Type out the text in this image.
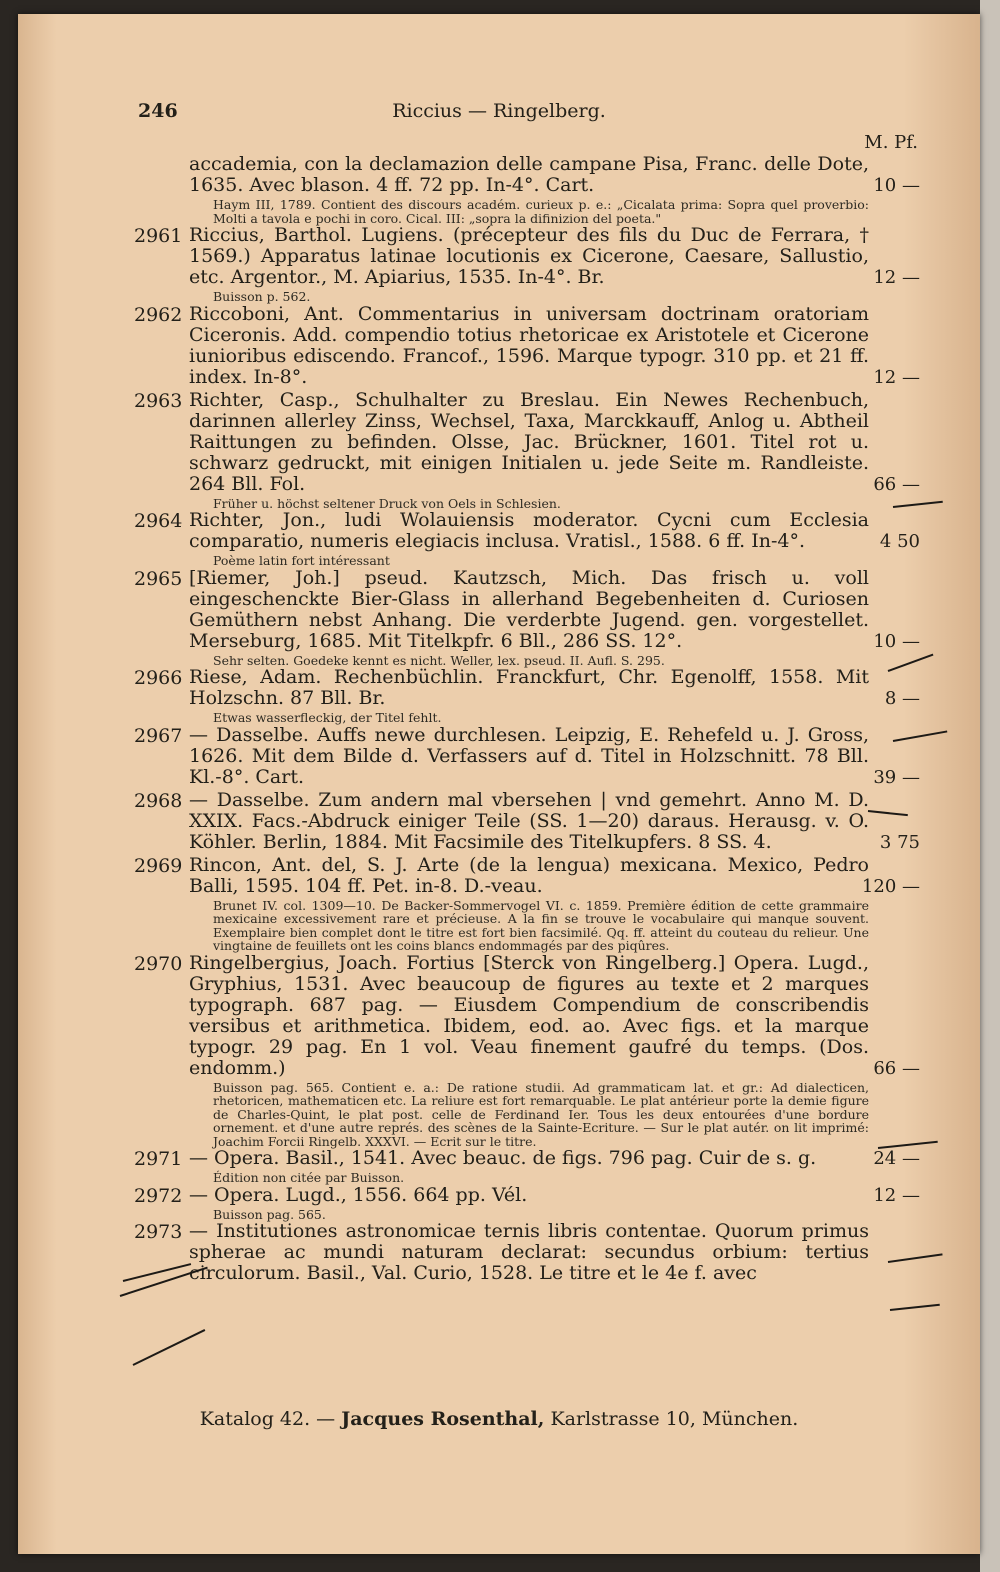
246	Riccius — Ringelberg.
M. Pf.
accademia, con la declamazion delle campane Pisa, Franc. delle Dote, 1635. Avec blason. 4 ff. 72 pp. In-4°. Cart.	10 —
Haym III, 1789. Contient des discours académ. curieux p. e.: „Cicalata prima: Sopra quel proverbio: Molti a tavola e pochi in coro. Cical. III: „sopra la difinizion del poeta."
2961 Riccius, Barthol. Lugiens. (précepteur des fils du Duc de Ferrara, † 1569.) Apparatus latinae locutionis ex Cicerone, Caesare, Sallustio, etc. Argentor., M. Apiarius, 1535. In-4°. Br.	12 —
Buisson p. 562.
2962 Riccoboni, Ant. Commentarius in universam doctrinam oratoriam Ciceronis. Add. compendio totius rhetoricae ex Aristotele et Cicerone iunioribus ediscendo. Francof., 1596. Marque typogr. 310 pp. et 21 ff. index. In-8°.	12 —
2963 Richter, Casp., Schulhalter zu Breslau. Ein Newes Rechenbuch, darinnen allerley Zinss, Wechsel, Taxa, Marckkauff, Anlog u. Abtheil Raittungen zu befinden. Olsse, Jac. Brückner, 1601. Titel rot u. schwarz gedruckt, mit einigen Initialen u. jede Seite m. Randleiste. 264 Bll. Fol.	66 —
Früher u. höchst seltener Druck von Oels in Schlesien.
2964 Richter, Jon., ludi Wolauiensis moderator. Cycni cum Ecclesia comparatio, numeris elegiacis inclusa. Vratisl., 1588. 6 ff. In-4°.	4 50
Poème latin fort intéressant
2965 [Riemer, Joh.] pseud. Kautzsch, Mich. Das frisch u. voll eingeschenckte Bier-Glass in allerhand Begebenheiten d. Curiosen Gemüthern nebst Anhang. Die verderbte Jugend. gen. vorgestellet. Merseburg, 1685. Mit Titelkpfr. 6 Bll., 286 SS. 12°.	10 —
Sehr selten. Goedeke kennt es nicht. Weller, lex. pseud. II. Aufl. S. 295.
2966 Riese, Adam. Rechenbüchlin. Franckfurt, Chr. Egenolff, 1558. Mit Holzschn. 87 Bll. Br.	8 —
Etwas wasserfleckig, der Titel fehlt.
2967 — Dasselbe. Auffs newe durchlesen. Leipzig, E. Rehefeld u. J. Gross, 1626. Mit dem Bilde d. Verfassers auf d. Titel in Holzschnitt. 78 Bll. Kl.-8°. Cart.	39 —
2968 — Dasselbe. Zum andern mal vbersehen | vnd gemehrt. Anno M. D. XXIX. Facs.-Abdruck einiger Teile (SS. 1—20) daraus. Herausg. v. O. Köhler. Berlin, 1884. Mit Facsimile des Titelkupfers. 8 SS. 4.	3 75
2969 Rincon, Ant. del, S. J. Arte (de la lengua) mexicana. Mexico, Pedro Balli, 1595. 104 ff. Pet. in-8. D.-veau.	120 —
Brunet IV. col. 1309—10. De Backer-Sommervogel VI. c. 1859. Première édition de cette grammaire mexicaine excessivement rare et précieuse. A la fin se trouve le vocabulaire qui manque souvent. Exemplaire bien complet dont le titre est fort bien facsimilé. Qq. ff. atteint du couteau du relieur. Une vingtaine de feuillets ont les coins blancs endommagés par des piqûres.
2970 Ringelbergius, Joach. Fortius [Sterck von Ringelberg.] Opera. Lugd., Gryphius, 1531. Avec beaucoup de figures au texte et 2 marques typograph. 687 pag. — Eiusdem Compendium de conscribendis versibus et arithmetica. Ibidem, eod. ao. Avec figs. et la marque typogr. 29 pag. En 1 vol. Veau finement gaufré du temps. (Dos. endomm.)	66 —
Buisson pag. 565. Contient e. a.: De ratione studii. Ad grammaticam lat. et gr.: Ad dialecticen, rhetoricen, mathematicen etc. La reliure est fort remarquable. Le plat antérieur porte la demie figure de Charles-Quint, le plat post. celle de Ferdinand Ier. Tous les deux entourées d'une bordure ornement. et d'une autre représ. des scènes de la Sainte-Ecriture. — Sur le plat autér. on lit imprimé: Joachim Forcii Ringelb. XXXVI. — Ecrit sur le titre.
2971 — Opera. Basil., 1541. Avec beauc. de figs. 796 pag. Cuir de s. g.	24 —
Édition non citée par Buisson.
2972 — Opera. Lugd., 1556. 664 pp. Vél.	12 —
Buisson pag. 565.
2973 — Institutiones astronomicae ternis libris contentae. Quorum primus spherae ac mundi naturam declarat: secundus orbium: tertius circulorum. Basil., Val. Curio, 1528. Le titre et le 4e f. avec
Katalog 42. — Jacques Rosenthal, Karlstrasse 10, München.
